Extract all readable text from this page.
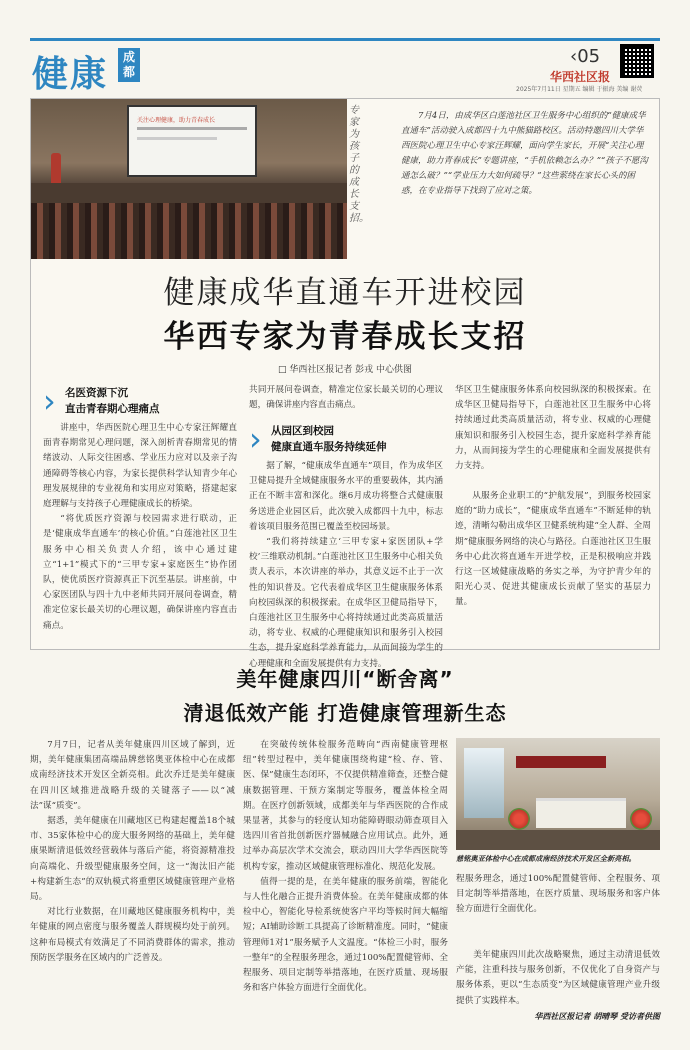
健康	成都
‹05
华西社区报
2025年7月11日 星期五 编辑 于振海 美编 谢荧
关注心理健康，助力青春成长
专家为孩子的成长支招。
7月4日，由成华区白莲池社区卫生服务中心组织的“健康成华直通车”活动驶入成都四十九中熊猫路校区。活动特邀四川大学华西医院心理卫生中心专家汪辉耀，面向学生家长，开展“关注心理健康，助力青春成长”专题讲座，“手机依赖怎么办？”“孩子不愿沟通怎么破？”“学业压力大如何疏导？”这些萦绕在家长心头的困惑，在专业指导下找到了应对之策。
健康成华直通车开进校园
华西专家为青春成长支招
□ 华西社区报记者 彭戎 中心供图
› 名医资源下沉
直击青春期心理痛点

讲座中，华西医院心理卫生中心专家汪辉耀直面青春期常见心理问题，深入剖析青春期常见的情绪波动、人际交往困惑、学业压力应对以及亲子沟通障碍等核心内容，为家长提供科学认知青少年心理发展规律的专业视角和实用应对策略，搭建起家庭理解与支持孩子心理健康成长的桥梁。

“将优质医疗资源与校园需求进行联动，正是‘健康成华直通车’的核心价值。”白莲池社区卫生服务中心相关负责人介绍，该中心通过建立“1+1”模式下的“三甲专家+家庭医生”协作团队，使优质医疗资源真正下沉至基层。讲座前，中心家医团队与四十九中老师共同开展问卷调查，精准定位家长最关切的心理议题，确保讲座内容直击痛点。

共同开展问卷调查，精准定位家长最关切的心理议题，确保讲座内容直击痛点。

› 从园区到校园
健康直通车服务持续延伸

据了解，“健康成华直通车”项目，作为成华区卫健局提升全域健康服务水平的重要载体，其内涵正在不断丰富和深化。继6月成功将整合式健康服务送进企业园区后，此次驶入成都四十九中，标志着该项目服务范围已覆盖至校园场景。

“我们将持续建立‘三甲专家+家医团队+学校’三维联动机制。”白莲池社区卫生服务中心相关负责人表示，本次讲座的举办，其意义远不止于一次性的知识普及。它代表着成华区卫生健康服务体系向校园纵深的积极探索。在成华区卫健局指导下，白莲池社区卫生服务中心将持续通过此类高质量活动，将专业、权威的心理健康知识和服务引入校园生态，提升家庭科学养育能力，从而间接为学生的心理健康和全面发展提供有力支持。

华区卫生健康服务体系向校园纵深的积极探索。在成华区卫健局指导下，白莲池社区卫生服务中心将持续通过此类高质量活动，将专业、权威的心理健康知识和服务引入校园生态，提升家庭科学养育能力，从而间接为学生的心理健康和全面发展提供有力支持。

从服务企业职工的“护航发展”，到服务校园家庭的“助力成长”，“健康成华直通车”不断延伸的轨迹，清晰勾勒出成华区卫健系统构建“全人群、全周期”健康服务网络的决心与路径。白莲池社区卫生服务中心此次将直通车开进学校，正是积极响应并践行这一区域健康战略的务实之举，为守护青少年的阳光心灵、促进其健康成长贡献了坚实的基层力量。

美年健康四川“断舍离”
清退低效产能 打造健康管理新生态

7月7日，记者从美年健康四川区域了解到，近期，美年健康集团高端品牌慈铭奥亚体检中心在成都成南经济技术开发区全新亮相。此次乔迁是美年健康在四川区域推进战略升级的关键落子——以“减法”谋“质变”。

据悉，美年健康在川藏地区已构建起覆盖18个城市、35家体检中心的庞大服务网络的基础上，美年健康果断清退低效经营载体与落后产能，将资源精准投向高端化、升级型健康服务空间，这一“淘汰旧产能+构建新生态”的双轨模式将重塑区域健康管理产业格局。

对比行业数据，在川藏地区健康服务机构中，美年健康的网点密度与服务覆盖人群规模均处于前列。这种布局模式有效满足了不同消费群体的需求，推动预防医学服务在区域内的广泛普及。

在突破传统体检服务范畴向“西南健康管理枢纽”转型过程中，美年健康围绕构建“检、存、管、医、保”健康生态闭环，不仅提供精准筛查，还整合健康数据管理、干预方案制定等服务，覆盖体检全周期。在医疗创新领域，成都美年与华西医院的合作成果显著，其参与的轻度认知功能障碍眼动筛查项目入选四川省首批创新医疗器械融合应用试点。此外，通过举办高层次学术交流会，联动四川大学华西医院等机构专家，推动区域健康管理标准化、规范化发展。

值得一提的是，在美年健康的服务前端，智能化与人性化融合正提升消费体验。在美年健康成都的体检中心，智能化导检系统使客户平均等候时间大幅缩短；AI辅助诊断工具提高了诊断精准度。同时，“健康管理师1对1”服务赋予人文温度。“体检三小时，服务一整年”的全程服务理念，通过100%配置健管师、全程服务、项目定制等举措落地，在医疗质量、现场服务和客户体验方面进行全面优化。

慈铭奥亚体检中心在成都成南经济技术开发区全新亮相。

程服务理念，通过100%配置健管师、全程服务、项目定制等举措落地，在医疗质量、现场服务和客户体验方面进行全面优化。

美年健康四川此次战略聚焦，通过主动清退低效产能，注重科技与服务创新，不仅优化了自身资产与服务体系，更以“生态质变”为区域健康管理产业升级提供了实践样本。

华西社区报记者 胡晴琴 受访者供图
